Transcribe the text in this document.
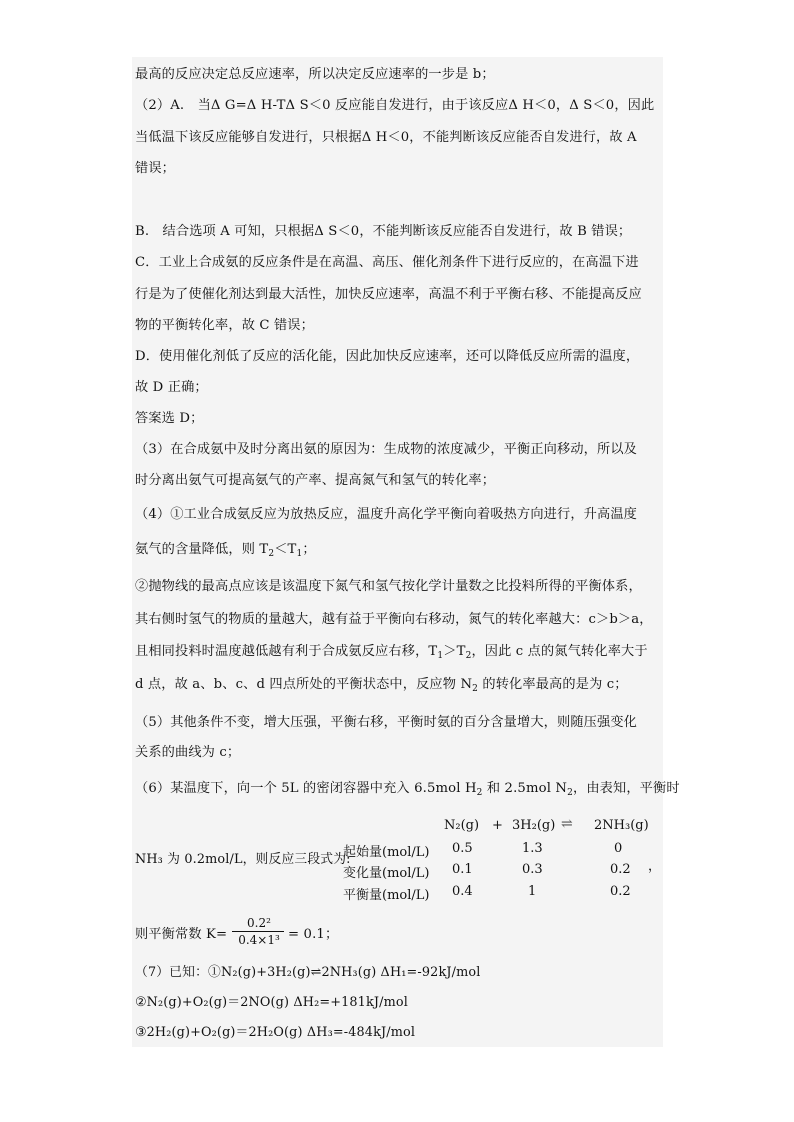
最高的反应决定总反应速率，所以决定反应速率的一步是 b；
（2）A.　当Δ G=Δ H-TΔ S＜0 反应能自发进行，由于该反应Δ H＜0，Δ S＜0，因此
当低温下该反应能够自发进行，只根据Δ H＜0，不能判断该反应能否自发进行，故 A
错误；
B.　结合选项 A 可知，只根据Δ S＜0，不能判断该反应能否自发进行，故 B 错误；
C．工业上合成氨的反应条件是在高温、高压、催化剂条件下进行反应的，在高温下进
行是为了使催化剂达到最大活性，加快反应速率，高温不利于平衡右移、不能提高反应
物的平衡转化率，故 C 错误；
D．使用催化剂低了反应的活化能，因此加快反应速率，还可以降低反应所需的温度，
故 D 正确；
答案选 D；
（3）在合成氨中及时分离出氨的原因为：生成物的浓度减少，平衡正向移动，所以及
时分离出氨气可提高氨气的产率、提高氮气和氢气的转化率；
（4）①工业合成氨反应为放热反应，温度升高化学平衡向着吸热方向进行，升高温度
氨气的含量降低，则 $T_2<T_1$；
②抛物线的最高点应该是该温度下氮气和氢气按化学计量数之比投料所得的平衡体系，
其右侧时氢气的物质的量越大，越有益于平衡向右移动，氮气的转化率越大：c＞b＞a，
且相同投料时温度越低越有利于合成氨反应右移，$T_1>T_2$，因此 c 点的氮气转化率大于
d 点，故 a、b、c、d 四点所处的平衡状态中，反应物 $N_2$ 的转化率最高的是为 c；
（5）其他条件不变，增大压强，平衡右移，平衡时氨的百分含量增大，则随压强变化
关系的曲线为 c；
（6）某温度下，向一个 5L 的密闭容器中充入 6.5mol $H_2$ 和 2.5mol $N_2$，由表知，平衡时
NH₃ 为 0.2mol/L，则反应三段式为:
N₂(g) + 3H₂(g) ⇌ 2NH₃(g)
起始量(mol/L) 0.5	1.3	0
变化量(mol/L) 0.1	0.3	0.2
平衡量(mol/L) 0.4	1	0.2
，
则平衡常数 K=
0.2²
0.4×1³ = 0.1；
（7）已知：①N₂(g)+3H₂(g)⇌2NH₃(g) ΔH₁=-92kJ/mol
②N₂(g)+O₂(g)＝2NO(g) ΔH₂=+181kJ/mol
③2H₂(g)+O₂(g)＝2H₂O(g) ΔH₃=-484kJ/mol
